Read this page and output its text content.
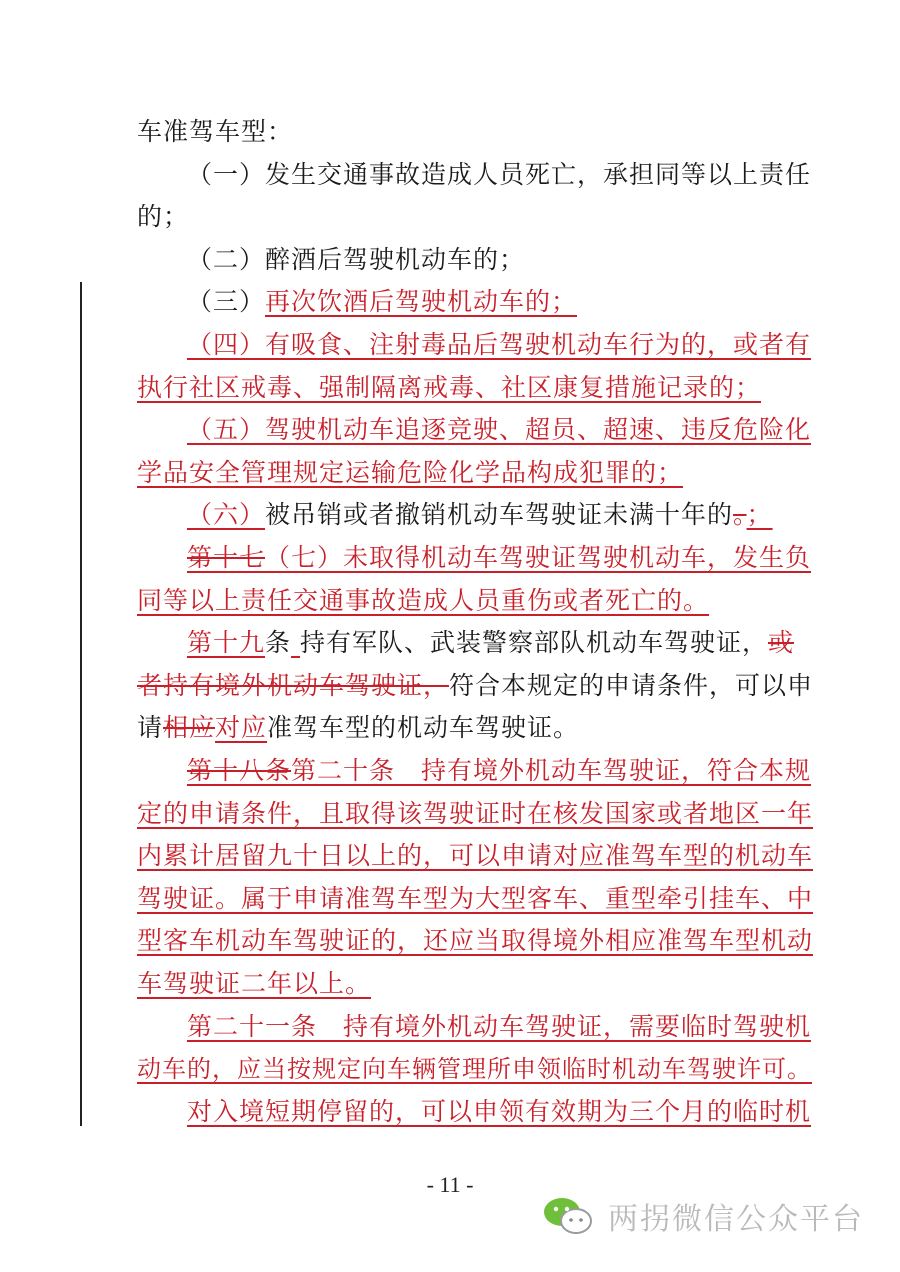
车准驾车型：
（一）发生交通事故造成人员死亡，承担同等以上责任
的；
（二）醉酒后驾驶机动车的；
（三）再次饮酒后驾驶机动车的；
（四）有吸食、注射毒品后驾驶机动车行为的，或者有
执行社区戒毒、强制隔离戒毒、社区康复措施记录的；
（五）驾驶机动车追逐竞驶、超员、超速、违反危险化
学品安全管理规定运输危险化学品构成犯罪的；
（六）被吊销或者撤销机动车驾驶证未满十年的。；
第十七（七）未取得机动车驾驶证驾驶机动车，发生负
同等以上责任交通事故造成人员重伤或者死亡的。
第十九条 持有军队、武装警察部队机动车驾驶证，或
者持有境外机动车驾驶证，符合本规定的申请条件，可以申
请相应对应准驾车型的机动车驾驶证。
第十八条第二十条　持有境外机动车驾驶证，符合本规
定的申请条件，且取得该驾驶证时在核发国家或者地区一年
内累计居留九十日以上的，可以申请对应准驾车型的机动车
驾驶证。属于申请准驾车型为大型客车、重型牵引挂车、中
型客车机动车驾驶证的，还应当取得境外相应准驾车型机动
车驾驶证二年以上。
第二十一条　持有境外机动车驾驶证，需要临时驾驶机
动车的，应当按规定向车辆管理所申领临时机动车驾驶许可。
- 11 -
两拐微信公众平台
对入境短期停留的，可以申领有效期为三个月的临时机
